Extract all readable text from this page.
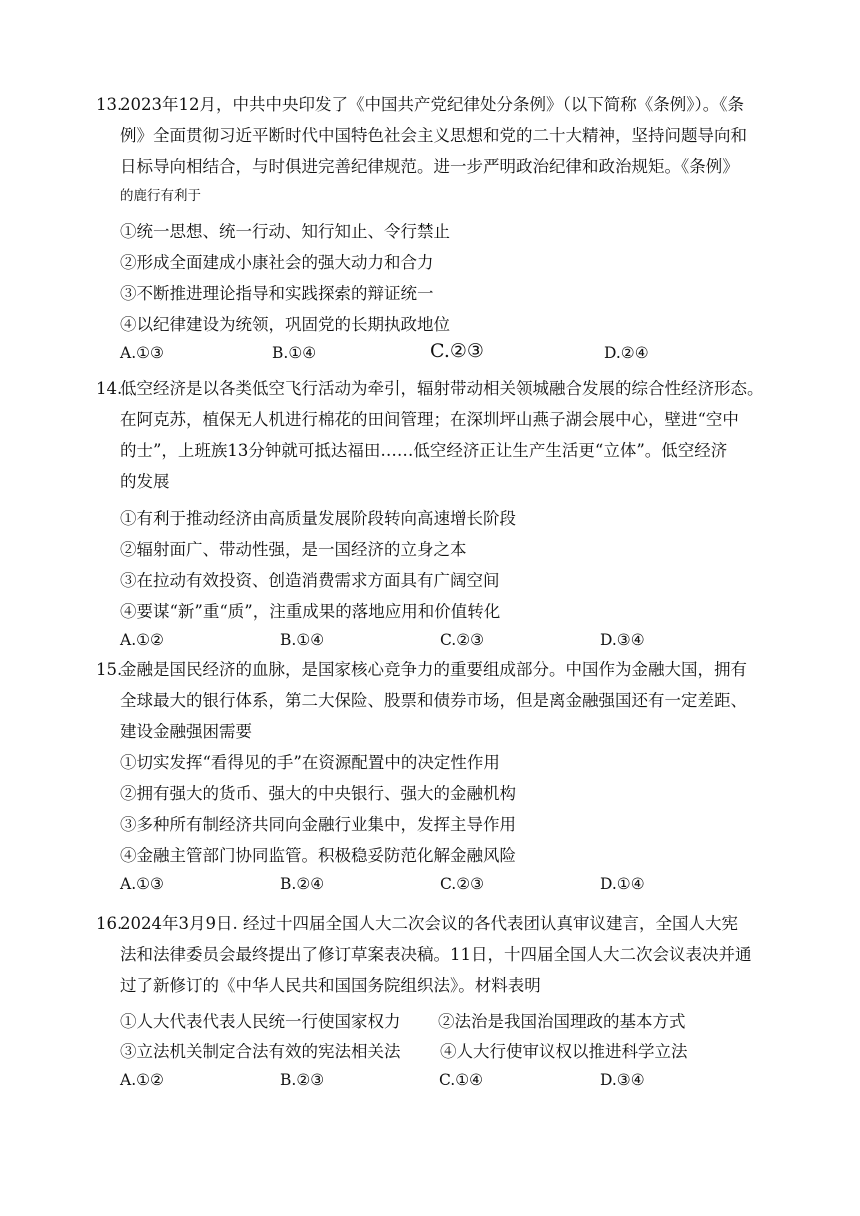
13.
2023年12月，中共中央印发了《中国共产党纪律处分条例》（以下简称《条例》）。《条
例》全面贯彻习近平断时代中国特色社会主义思想和党的二十大精神，坚持问题导向和
日标导向相结合，与时俱进完善纪律规范。进一步严明政治纪律和政治规矩。《条例》
的鹿行有利于
①统一思想、统一行动、知行知止、令行禁止
②形成全面建成小康社会的强大动力和合力
③不断推进理论指导和实践探索的辩证统一
④以纪律建设为统领，巩固党的长期执政地位
A.①③	B.①④	C.②③	D.②④
14.
低空经济是以各类低空飞行活动为牵引，辐射带动相关领城融合发展的综合性经济形态。
在阿克苏，植保无人机进行棉花的田间管理；在深圳坪山燕子湖会展中心，壁进“空中
的士”，上班族13分钟就可抵达福田……低空经济正让生产生活更“立体”。低空经济
的发展
①有利于推动经济由高质量发展阶段转向高速增长阶段
②辐射面广、带动性强，是一国经济的立身之本
③在拉动有效投资、创造消费需求方面具有广阔空间
④要谋“新”重“质”，注重成果的落地应用和价值转化
A.①②	B.①④	C.②③	D.③④
15.
金融是国民经济的血脉，是国家核心竞争力的重要组成部分。中国作为金融大国，拥有
全球最大的银行体系，第二大保险、股票和债券市场，但是离金融强国还有一定差距、
建设金融强困需要
①切实发挥“看得见的手”在资源配置中的决定性作用
②拥有强大的货币、强大的中央银行、强大的金融机构
③多种所有制经济共同向金融行业集中，发挥主导作用
④金融主管部门协同监管。积极稳妥防范化解金融风险
A.①③	B.②④	C.②③	D.①④
16.
2024年3月9日. 经过十四届全国人大二次会议的各代表团认真审议建言，全国人大宪
法和法律委员会最终提出了修订草案表决稿。11日，十四届全国人大二次会议表决并通
过了新修订的《中华人民共和国国务院组织法》。材料表明
①人大代表代表人民统一行使国家权力 ②法治是我国治国理政的基本方式
③立法机关制定合法有效的宪法相关法 ④人大行使审议权以推进科学立法
A.①②	B.②③	C.①④	D.③④
